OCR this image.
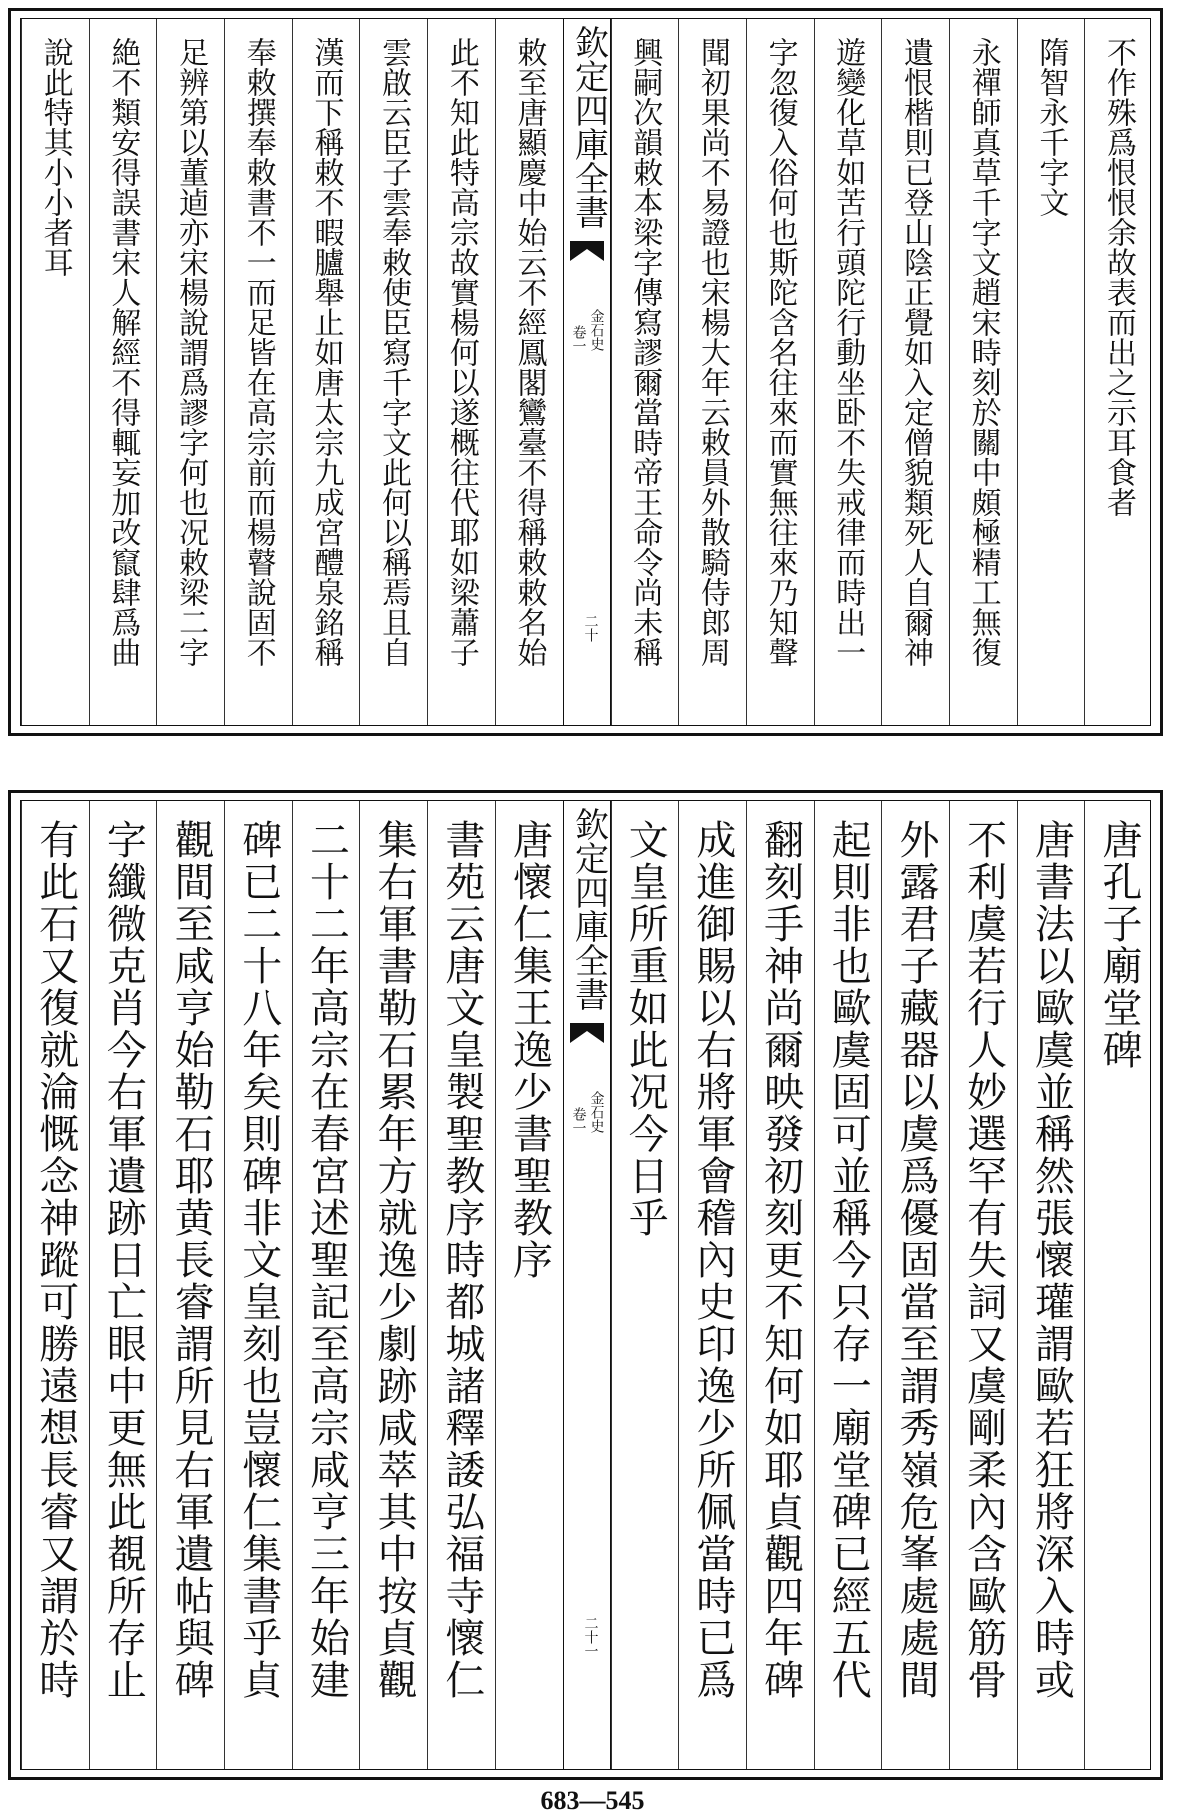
不作殊爲恨恨余故表而出之示耳食者
隋智永千字文
永禪師真草千字文趙宋時刻於關中頗極精工無復
遺恨楷則已登山陰正覺如入定僧貌類死人自爾神
遊變化草如苦行頭陀行動坐卧不失戒律而時出一
字忽復入俗何也斯陀含名往來而實無往來乃知聲
聞初果尚不易證也宋楊大年云敕員外散騎侍郎周
興嗣次韻敕本梁字傳寫謬爾當時帝王命令尚未稱
敕至唐顯慶中始云不經鳳閣鸞臺不得稱敕敕名始
此不知此特高宗故實楊何以遂概往代耶如梁蕭子
雲啟云臣子雲奉敕使臣寫千字文此何以稱焉且自
漢而下稱敕不暇臚舉止如唐太宗九成宮醴泉銘稱
奉敕撰奉敕書不一而足皆在高宗前而楊瞽說固不
足辨第以董逌亦宋楊說謂爲謬字何也况敕梁二字
絶不類安得誤書宋人解經不得輒妄加改竄肆爲曲
說此特其小小者耳	欽定四庫全書
金石史
卷一
二十
唐孔子廟堂碑
唐書法以歐虞並稱然張懷瓘謂歐若狂將深入時或
不利虞若行人妙選罕有失詞又虞剛柔內含歐筋骨
外露君子藏器以虞爲優固當至謂秀嶺危峯處處間
起則非也歐虞固可並稱今只存一廟堂碑已經五代
翻刻手神尚爾映發初刻更不知何如耶貞觀四年碑
成進御賜以右將軍會稽內史印逸少所佩當時已爲
文皇所重如此况今日乎
唐懷仁集王逸少書聖教序
書苑云唐文皇製聖教序時都城諸釋諉弘福寺懷仁
集右軍書勒石累年方就逸少劇跡咸萃其中按貞觀
二十二年高宗在春宮述聖記至高宗咸亨三年始建
碑已二十八年矣則碑非文皇刻也豈懷仁集書乎貞
觀間至咸亨始勒石耶黄長睿謂所見右軍遺帖與碑
字纖微克肖今右軍遺跡日亡眼中更無此覩所存止
有此石又復就淪慨念神蹤可勝遠想長睿又謂於時	欽定四庫全書
金石史
卷一
二十一
683—545
